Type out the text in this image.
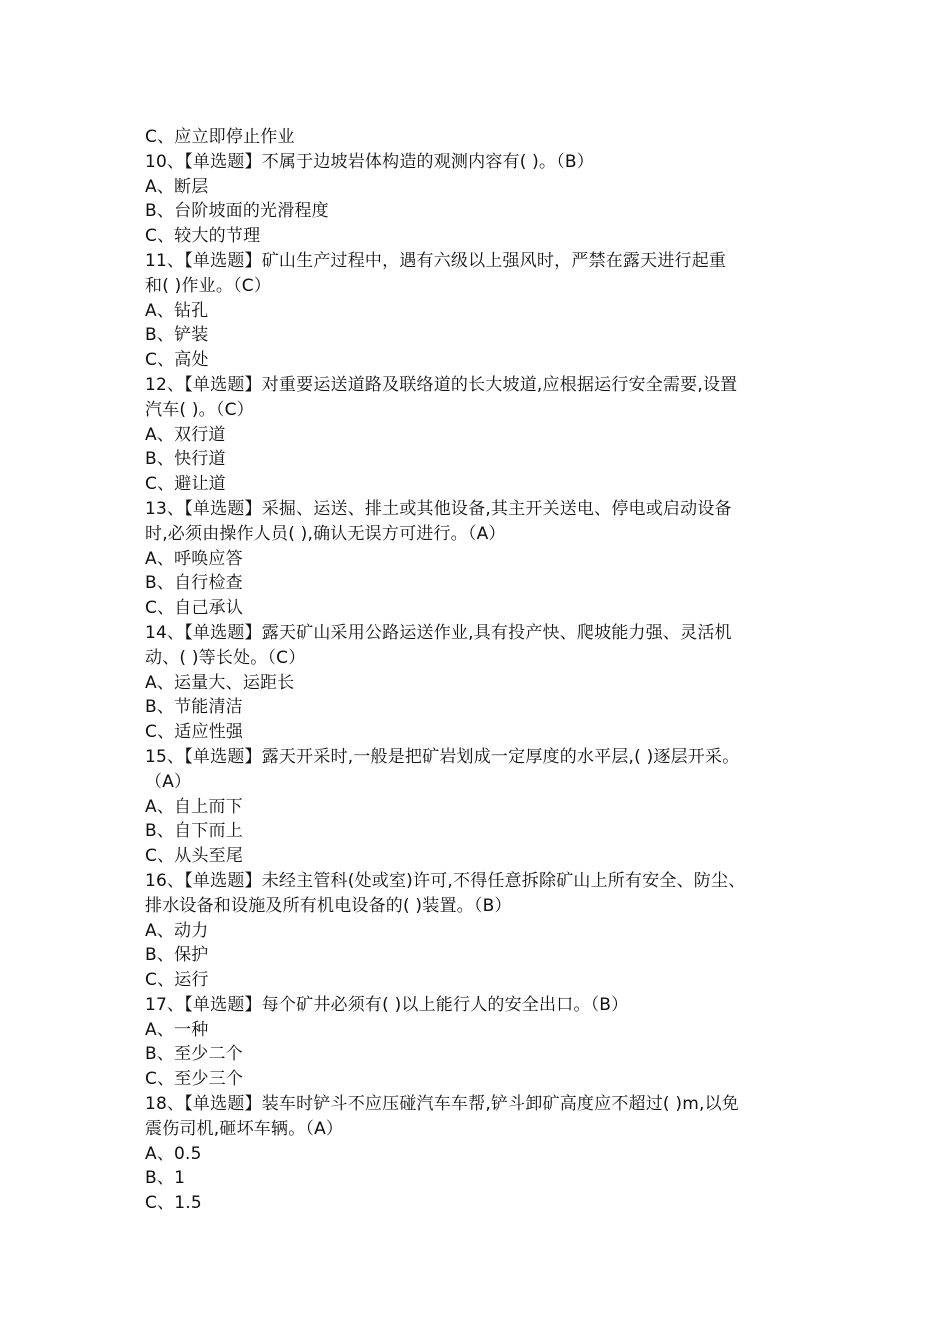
C、应立即停止作业
10、【单选题】不属于边坡岩体构造的观测内容有( )。（B）
A、断层
B、台阶坡面的光滑程度
C、较大的节理
11、【单选题】矿山生产过程中，遇有六级以上强风时，严禁在露天进行起重
和( )作业。（C）
A、钻孔
B、铲装
C、高处
12、【单选题】对重要运送道路及联络道的长大坡道,应根据运行安全需要,设置
汽车( )。（C）
A、双行道
B、快行道
C、避让道
13、【单选题】采掘、运送、排土或其他设备,其主开关送电、停电或启动设备
时,必须由操作人员( ),确认无误方可进行。（A）
A、呼唤应答
B、自行检查
C、自己承认
14、【单选题】露天矿山采用公路运送作业,具有投产快、爬坡能力强、灵活机
动、( )等长处。（C）
A、运量大、运距长
B、节能清洁
C、适应性强
15、【单选题】露天开采时,一般是把矿岩划成一定厚度的水平层,( )逐层开采。
（A）
A、自上而下
B、自下而上
C、从头至尾
16、【单选题】未经主管科(处或室)许可,不得任意拆除矿山上所有安全、防尘、
排水设备和设施及所有机电设备的( )装置。（B）
A、动力
B、保护
C、运行
17、【单选题】每个矿井必须有( )以上能行人的安全出口。（B）
A、一种
B、至少二个
C、至少三个
18、【单选题】装车时铲斗不应压碰汽车车帮,铲斗卸矿高度应不超过( )m,以免
震伤司机,砸坏车辆。（A）
A、0.5
B、1
C、1.5
